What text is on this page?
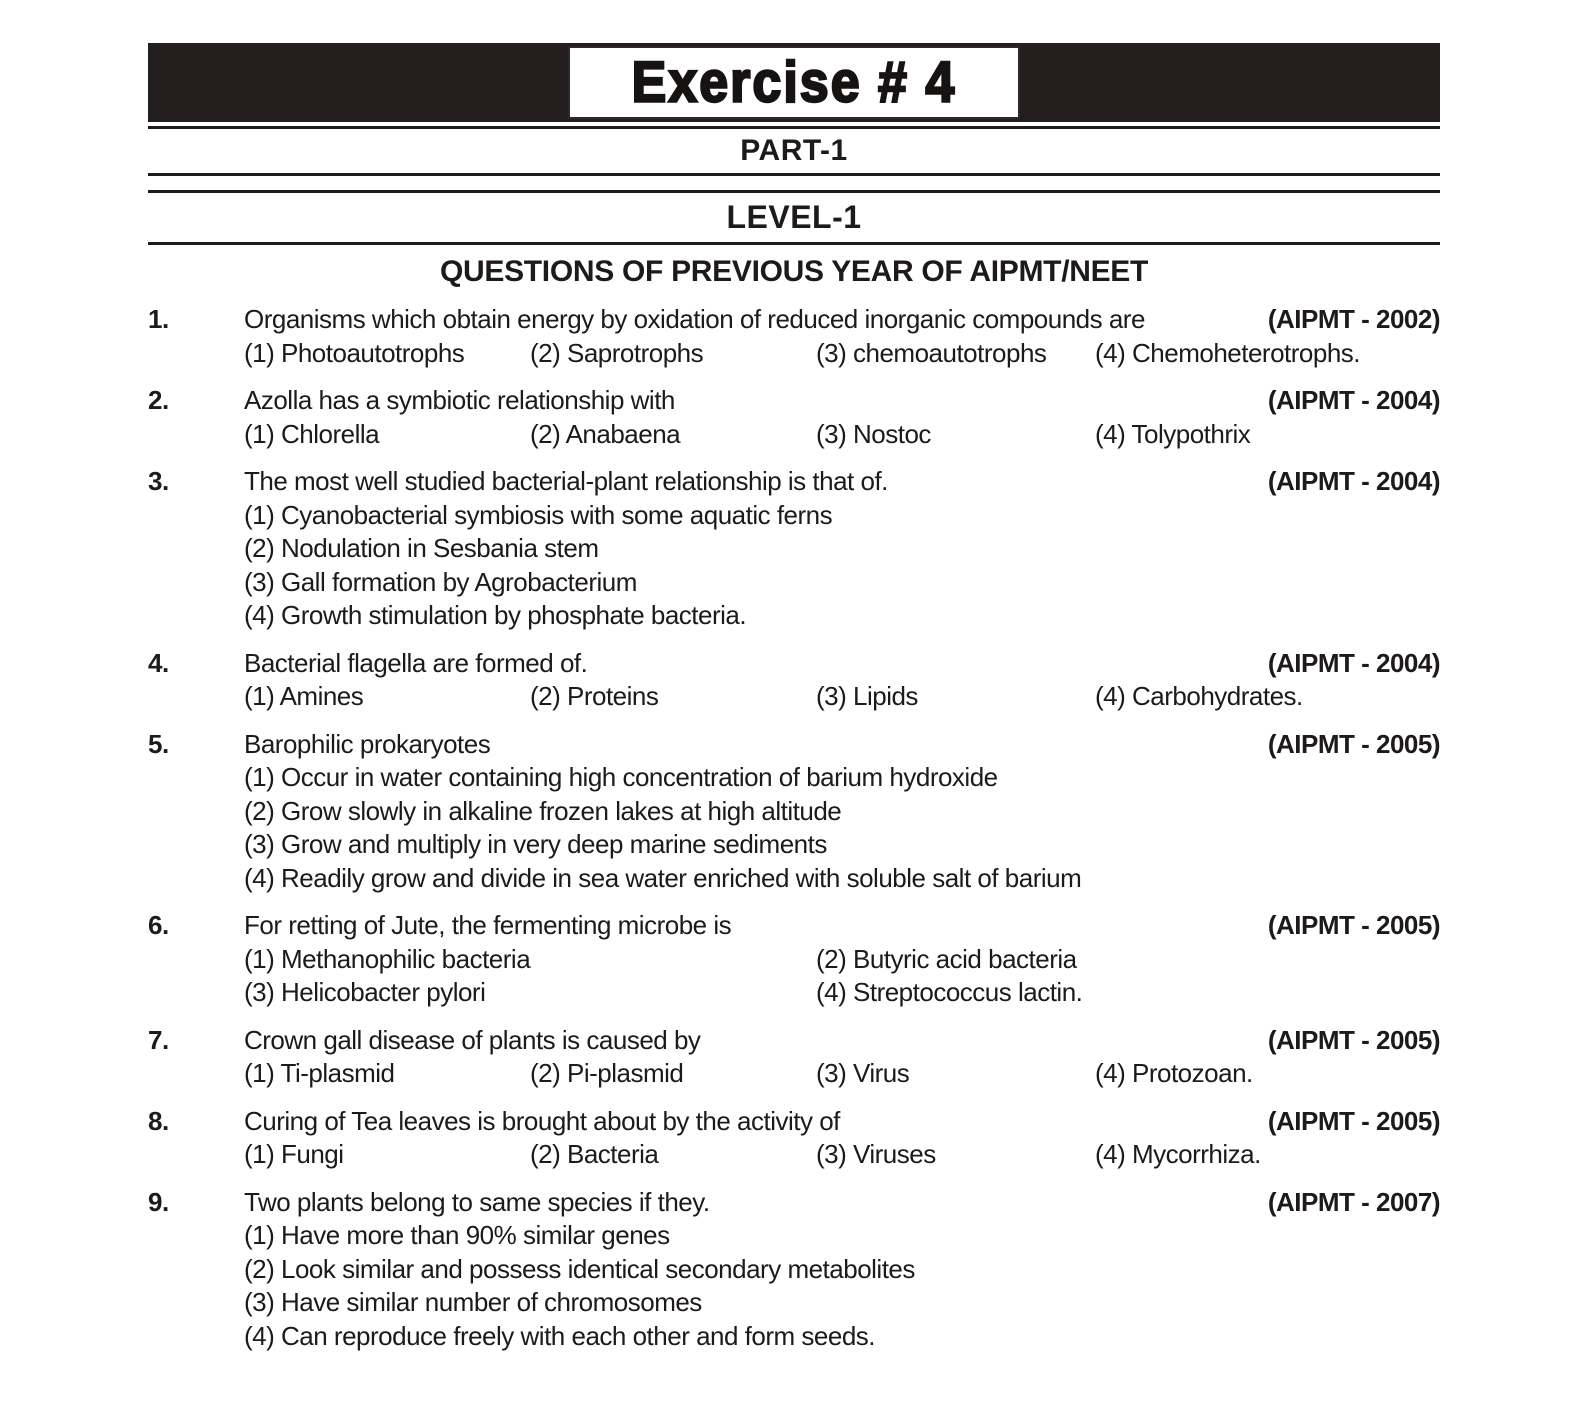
Exercise # 4
PART-1
LEVEL-1
QUESTIONS OF PREVIOUS YEAR OF AIPMT/NEET
1.	Organisms which obtain energy by oxidation of reduced inorganic compounds are	(AIPMT - 2002)
(1) Photoautotrophs	(2) Saprotrophs	(3) chemoautotrophs	(4) Chemoheterotrophs.
2.	Azolla has a symbiotic relationship with	(AIPMT - 2004)
(1) Chlorella	(2) Anabaena	(3) Nostoc	(4) Tolypothrix
3.	The most well studied bacterial-plant relationship is that of.	(AIPMT - 2004)
(1) Cyanobacterial symbiosis with some aquatic ferns
(2) Nodulation in Sesbania stem
(3) Gall formation by Agrobacterium
(4) Growth stimulation by phosphate bacteria.
4.	Bacterial flagella are formed of.	(AIPMT - 2004)
(1) Amines	(2) Proteins	(3) Lipids	(4) Carbohydrates.
5.	Barophilic prokaryotes	(AIPMT - 2005)
(1) Occur in water containing high concentration of barium hydroxide
(2) Grow slowly in alkaline frozen lakes at high altitude
(3) Grow and multiply in very deep marine sediments
(4) Readily grow and divide in sea water enriched with soluble salt of barium
6.	For retting of Jute, the fermenting microbe is	(AIPMT - 2005)
(1) Methanophilic bacteria	(2) Butyric acid bacteria
(3) Helicobacter pylori	(4) Streptococcus lactin.
7.	Crown gall disease of plants is caused by	(AIPMT - 2005)
(1) Ti-plasmid	(2) Pi-plasmid	(3) Virus	(4) Protozoan.
8.	Curing of Tea leaves is brought about by the activity of	(AIPMT - 2005)
(1) Fungi	(2) Bacteria	(3) Viruses	(4) Mycorrhiza.
9.	Two plants belong to same species if they.	(AIPMT - 2007)
(1) Have more than 90% similar genes
(2) Look similar and possess identical secondary metabolites
(3) Have similar number of chromosomes
(4) Can reproduce freely with each other and form seeds.
